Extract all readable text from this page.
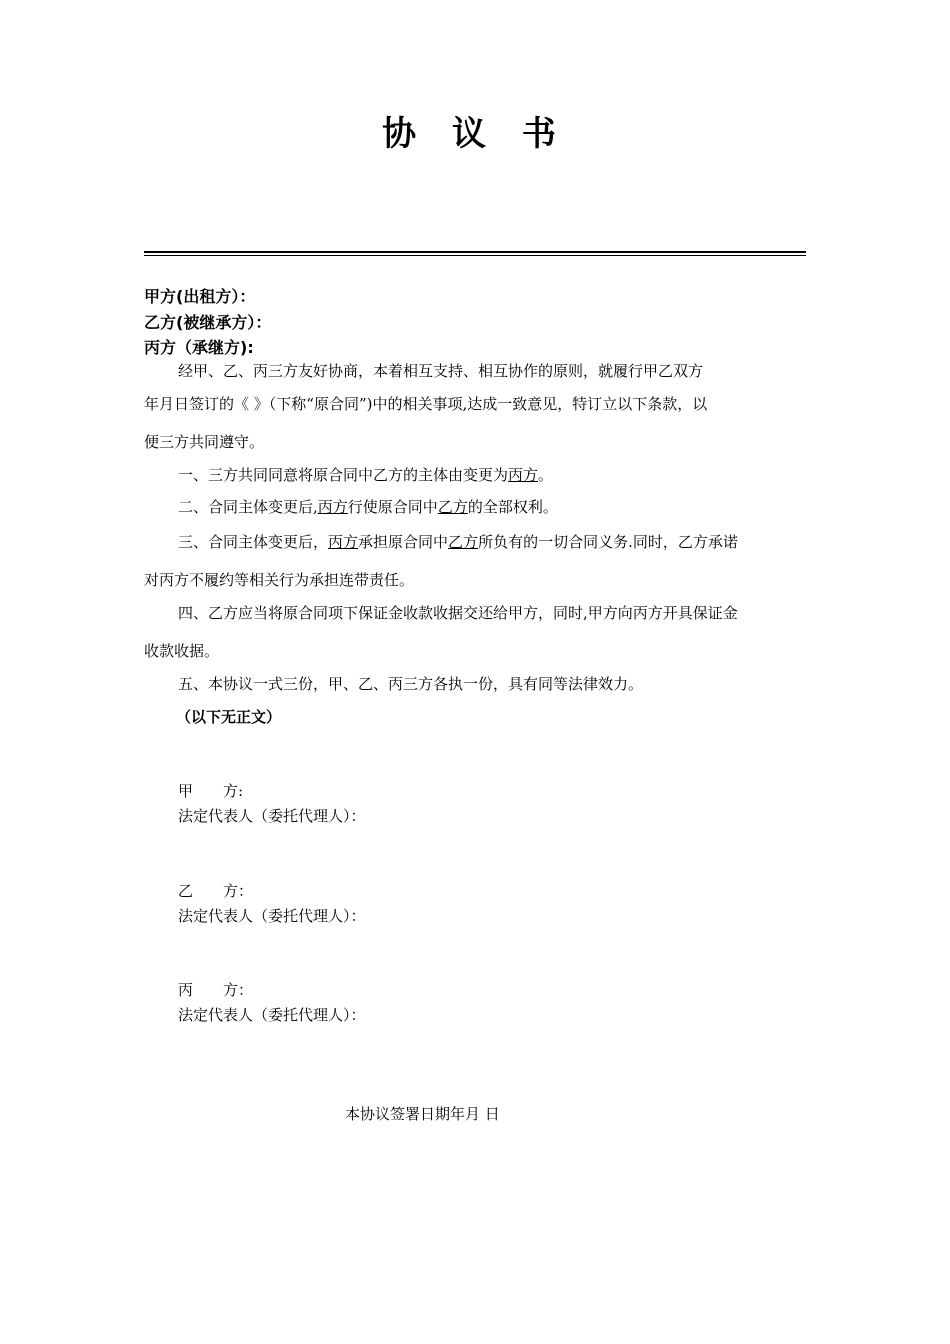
协 议 书
甲方(出租方）：
乙方(被继承方）：
丙方（承继方):
经甲、乙、丙三方友好协商，本着相互支持、相互协作的原则，就履行甲乙双方
年月日签订的《 》（下称“原合同”)中的相关事项,达成一致意见，特订立以下条款，以
便三方共同遵守。
一、三方共同同意将原合同中乙方的主体由变更为丙方。
二、合同主体变更后,丙方行使原合同中乙方的全部权利。
三、合同主体变更后，丙方承担原合同中乙方所负有的一切合同义务.同时，乙方承诺
对丙方不履约等相关行为承担连带责任。
四、乙方应当将原合同项下保证金收款收据交还给甲方，同时,甲方向丙方开具保证金
收款收据。
五、本协议一式三份，甲、乙、丙三方各执一份，具有同等法律效力。
（以下无正文）
甲　　方:
法定代表人（委托代理人）：
乙　　方：
法定代表人（委托代理人）：
丙　　方：
法定代表人（委托代理人）：
本协议签署日期年月 日
